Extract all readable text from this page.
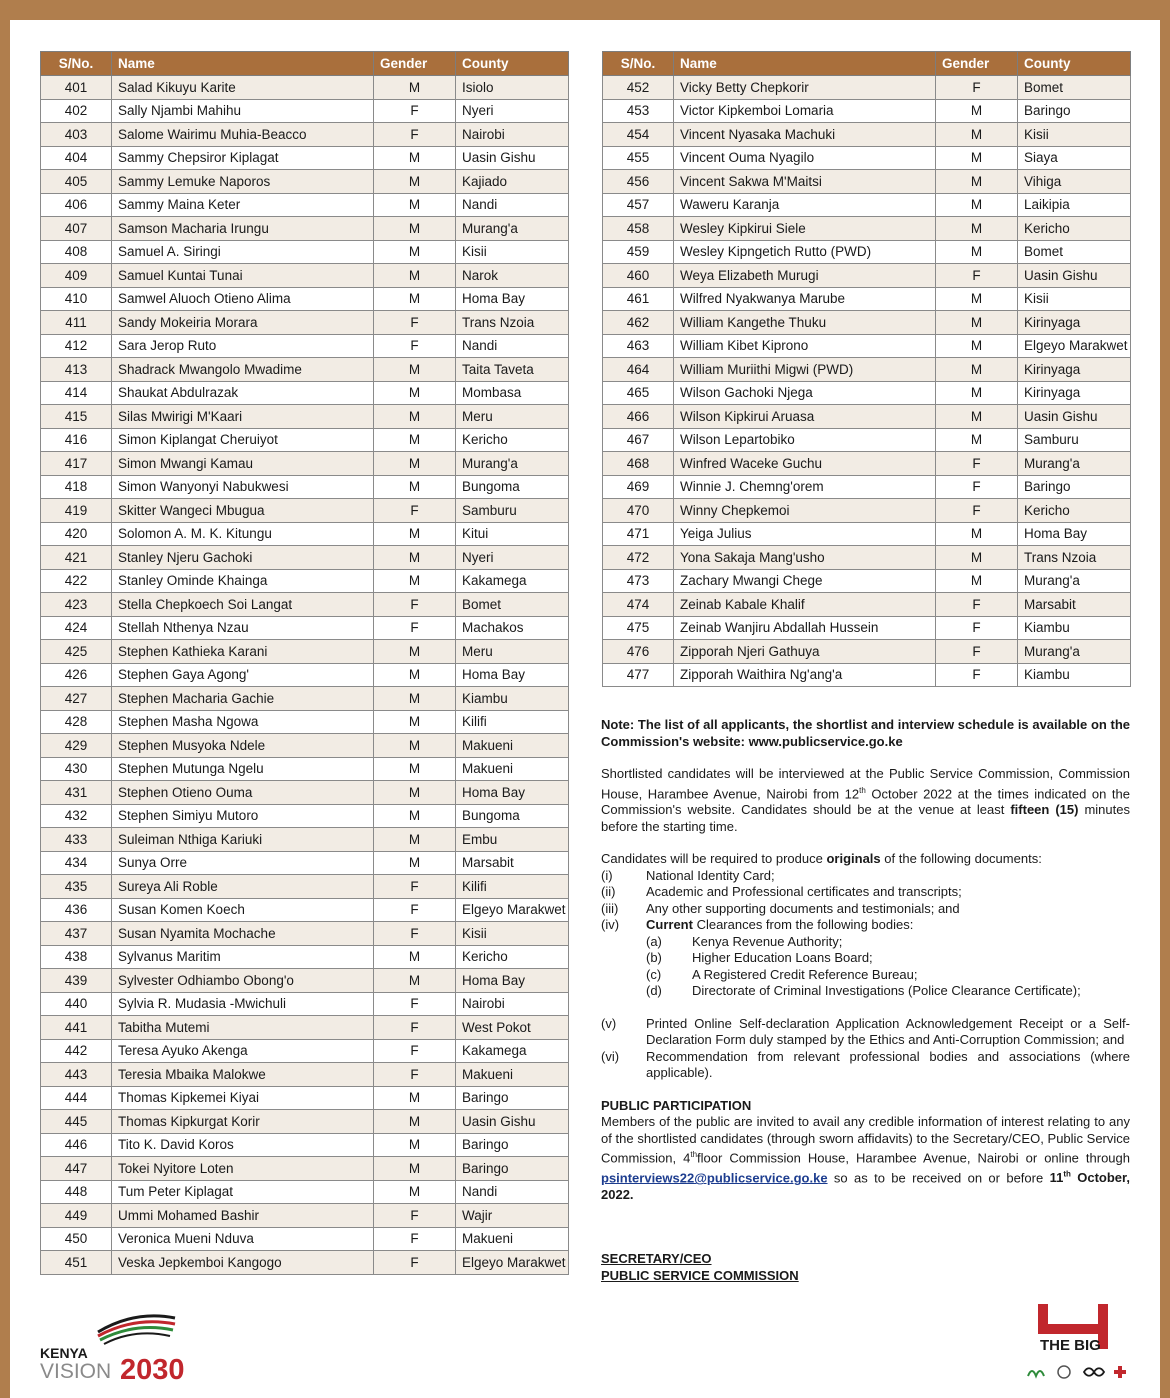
S/No.	Name	Gender	County
401	Salad Kikuyu Karite	M	Isiolo
402	Sally Njambi Mahihu	F	Nyeri
403	Salome Wairimu Muhia-Beacco	F	Nairobi
404	Sammy Chepsiror Kiplagat	M	Uasin Gishu
405	Sammy Lemuke Naporos	M	Kajiado
406	Sammy Maina Keter	M	Nandi
407	Samson Macharia Irungu	M	Murang'a
408	Samuel A. Siringi	M	Kisii
409	Samuel Kuntai Tunai	M	Narok
410	Samwel Aluoch Otieno Alima	M	Homa Bay
411	Sandy Mokeiria Morara	F	Trans Nzoia
412	Sara Jerop Ruto	F	Nandi
413	Shadrack Mwangolo Mwadime	M	Taita Taveta
414	Shaukat Abdulrazak	M	Mombasa
415	Silas Mwirigi M'Kaari	M	Meru
416	Simon Kiplangat Cheruiyot	M	Kericho
417	Simon Mwangi Kamau	M	Murang'a
418	Simon Wanyonyi Nabukwesi	M	Bungoma
419	Skitter Wangeci Mbugua	F	Samburu
420	Solomon A. M. K. Kitungu	M	Kitui
421	Stanley Njeru Gachoki	M	Nyeri
422	Stanley Ominde Khainga	M	Kakamega
423	Stella Chepkoech Soi Langat	F	Bomet
424	Stellah Nthenya Nzau	F	Machakos
425	Stephen Kathieka Karani	M	Meru
426	Stephen Gaya Agong'	M	Homa Bay
427	Stephen Macharia Gachie	M	Kiambu
428	Stephen Masha Ngowa	M	Kilifi
429	Stephen Musyoka Ndele	M	Makueni
430	Stephen Mutunga Ngelu	M	Makueni
431	Stephen Otieno Ouma	M	Homa Bay
432	Stephen Simiyu Mutoro	M	Bungoma
433	Suleiman Nthiga Kariuki	M	Embu
434	Sunya Orre	M	Marsabit
435	Sureya Ali Roble	F	Kilifi
436	Susan Komen Koech	F	Elgeyo Marakwet
437	Susan Nyamita Mochache	F	Kisii
438	Sylvanus Maritim	M	Kericho
439	Sylvester Odhiambo Obong'o	M	Homa Bay
440	Sylvia R. Mudasia -Mwichuli	F	Nairobi
441	Tabitha Mutemi	F	West Pokot
442	Teresa Ayuko Akenga	F	Kakamega
443	Teresia Mbaika Malokwe	F	Makueni
444	Thomas Kipkemei Kiyai	M	Baringo
445	Thomas Kipkurgat Korir	M	Uasin Gishu
446	Tito K. David Koros	M	Baringo
447	Tokei Nyitore Loten	M	Baringo
448	Tum Peter Kiplagat	M	Nandi
449	Ummi Mohamed Bashir	F	Wajir
450	Veronica Mueni Nduva	F	Makueni
451	Veska Jepkemboi Kangogo	F	Elgeyo Marakwet
S/No.	Name	Gender	County
452	Vicky Betty Chepkorir	F	Bomet
453	Victor Kipkemboi Lomaria	M	Baringo
454	Vincent Nyasaka Machuki	M	Kisii
455	Vincent Ouma Nyagilo	M	Siaya
456	Vincent Sakwa M'Maitsi	M	Vihiga
457	Waweru Karanja	M	Laikipia
458	Wesley Kipkirui Siele	M	Kericho
459	Wesley Kipngetich Rutto (PWD)	M	Bomet
460	Weya Elizabeth Murugi	F	Uasin Gishu
461	Wilfred Nyakwanya Marube	M	Kisii
462	William Kangethe Thuku	M	Kirinyaga
463	William Kibet Kiprono	M	Elgeyo Marakwet
464	William Muriithi Migwi (PWD)	M	Kirinyaga
465	Wilson Gachoki Njega	M	Kirinyaga
466	Wilson Kipkirui Aruasa	M	Uasin Gishu
467	Wilson Lepartobiko	M	Samburu
468	Winfred Waceke Guchu	F	Murang'a
469	Winnie J. Chemng'orem	F	Baringo
470	Winny Chepkemoi	F	Kericho
471	Yeiga Julius	M	Homa Bay
472	Yona Sakaja Mang'usho	M	Trans Nzoia
473	Zachary Mwangi Chege	M	Murang'a
474	Zeinab Kabale Khalif	F	Marsabit
475	Zeinab Wanjiru Abdallah Hussein	F	Kiambu
476	Zipporah Njeri Gathuya	F	Murang'a
477	Zipporah Waithira Ng'ang'a	F	Kiambu

Note: The list of all applicants, the shortlist and interview schedule is available on the Commission's website: www.publicservice.go.ke

Shortlisted candidates will be interviewed at the Public Service Commission, Commission House, Harambee Avenue, Nairobi from 12th October 2022 at the times indicated on the Commission's website. Candidates should be at the venue at least fifteen (15) minutes before the starting time.

Candidates will be required to produce originals of the following documents:

(i)	National Identity Card;
(ii)	Academic and Professional certificates and transcripts;
(iii)	Any other supporting documents and testimonials; and
(iv)	Current Clearances from the following bodies:
(a)	Kenya Revenue Authority;
(b)	Higher Education Loans Board;
(c)	A Registered Credit Reference Bureau;
(d)	Directorate of Criminal Investigations (Police Clearance Certificate);
(v)	Printed Online Self-declaration Application Acknowledgement Receipt or a Self-Declaration Form duly stamped by the Ethics and Anti-Corruption Commission; and
(vi)	Recommendation from relevant professional bodies and associations (where applicable).

PUBLIC PARTICIPATION

Members of the public are invited to avail any credible information of interest relating to any of the shortlisted candidates (through sworn affidavits) to the Secretary/CEO, Public Service Commission, 4thfloor Commission House, Harambee Avenue, Nairobi or online through psinterviews22@publicservice.go.ke so as to be received on or before 11th October, 2022.

SECRETARY/CEO

PUBLIC SERVICE COMMISSION

KENYA
VISION 2030
THE BIG
